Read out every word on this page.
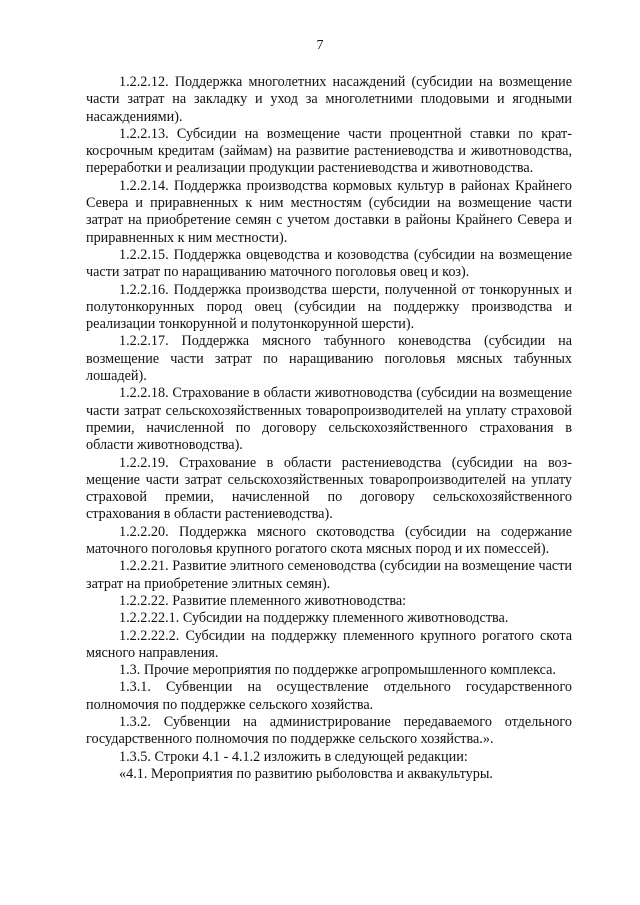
7

1.2.2.12. Поддержка многолетних насаждений (субсидии на возмещение части затрат на закладку и уход за многолетними плодовыми и ягодными насаждениями).

1.2.2.13. Субсидии на возмещение части процентной ставки по краткосрочным кредитам (займам) на развитие растениеводства и животноводства, переработки и реализации продукции растениеводства и животноводства.

1.2.2.14. Поддержка производства кормовых культур в районах Крайнего Севера и приравненных к ним местностям (субсидии на возмещение части затрат на приобретение семян с учетом доставки в районы Крайнего Севера и приравненных к ним местности).

1.2.2.15. Поддержка овцеводства и козоводства (субсидии на возмещение части затрат по наращиванию маточного поголовья овец и коз).

1.2.2.16. Поддержка производства шерсти, полученной от тонкорунных и полутонкорунных пород овец (субсидии на поддержку производства и реализации тонкорунной и полутонкорунной шерсти).

1.2.2.17. Поддержка мясного табунного коневодства (субсидии на возмещение части затрат по наращиванию поголовья мясных табунных лошадей).

1.2.2.18. Страхование в области животноводства (субсидии на возмещение части затрат сельскохозяйственных товаропроизводителей на уплату страховой премии, начисленной по договору сельскохозяйственного страхования в области животноводства).

1.2.2.19. Страхование в области растениеводства (субсидии на возмещение части затрат сельскохозяйственных товаропроизводителей на уплату страховой премии, начисленной по договору сельскохозяйственного страхования в области растениеводства).

1.2.2.20. Поддержка мясного скотоводства (субсидии на содержание маточного поголовья крупного рогатого скота мясных пород и их помессей).

1.2.2.21. Развитие элитного семеноводства (субсидии на возмещение части затрат на приобретение элитных семян).

1.2.2.22. Развитие племенного животноводства:

1.2.2.22.1. Субсидии на поддержку племенного животноводства.

1.2.2.22.2. Субсидии на поддержку племенного крупного рогатого скота мясного направления.

1.3. Прочие мероприятия по поддержке агропромышленного комплекса.

1.3.1. Субвенции на осуществление отдельного государственного полномочия по поддержке сельского хозяйства.

1.3.2. Субвенции на администрирование передаваемого отдельного государственного полномочия по поддержке сельского хозяйства.».

1.3.5. Строки 4.1 - 4.1.2 изложить в следующей редакции:

«4.1. Мероприятия по развитию рыболовства и аквакультуры.
